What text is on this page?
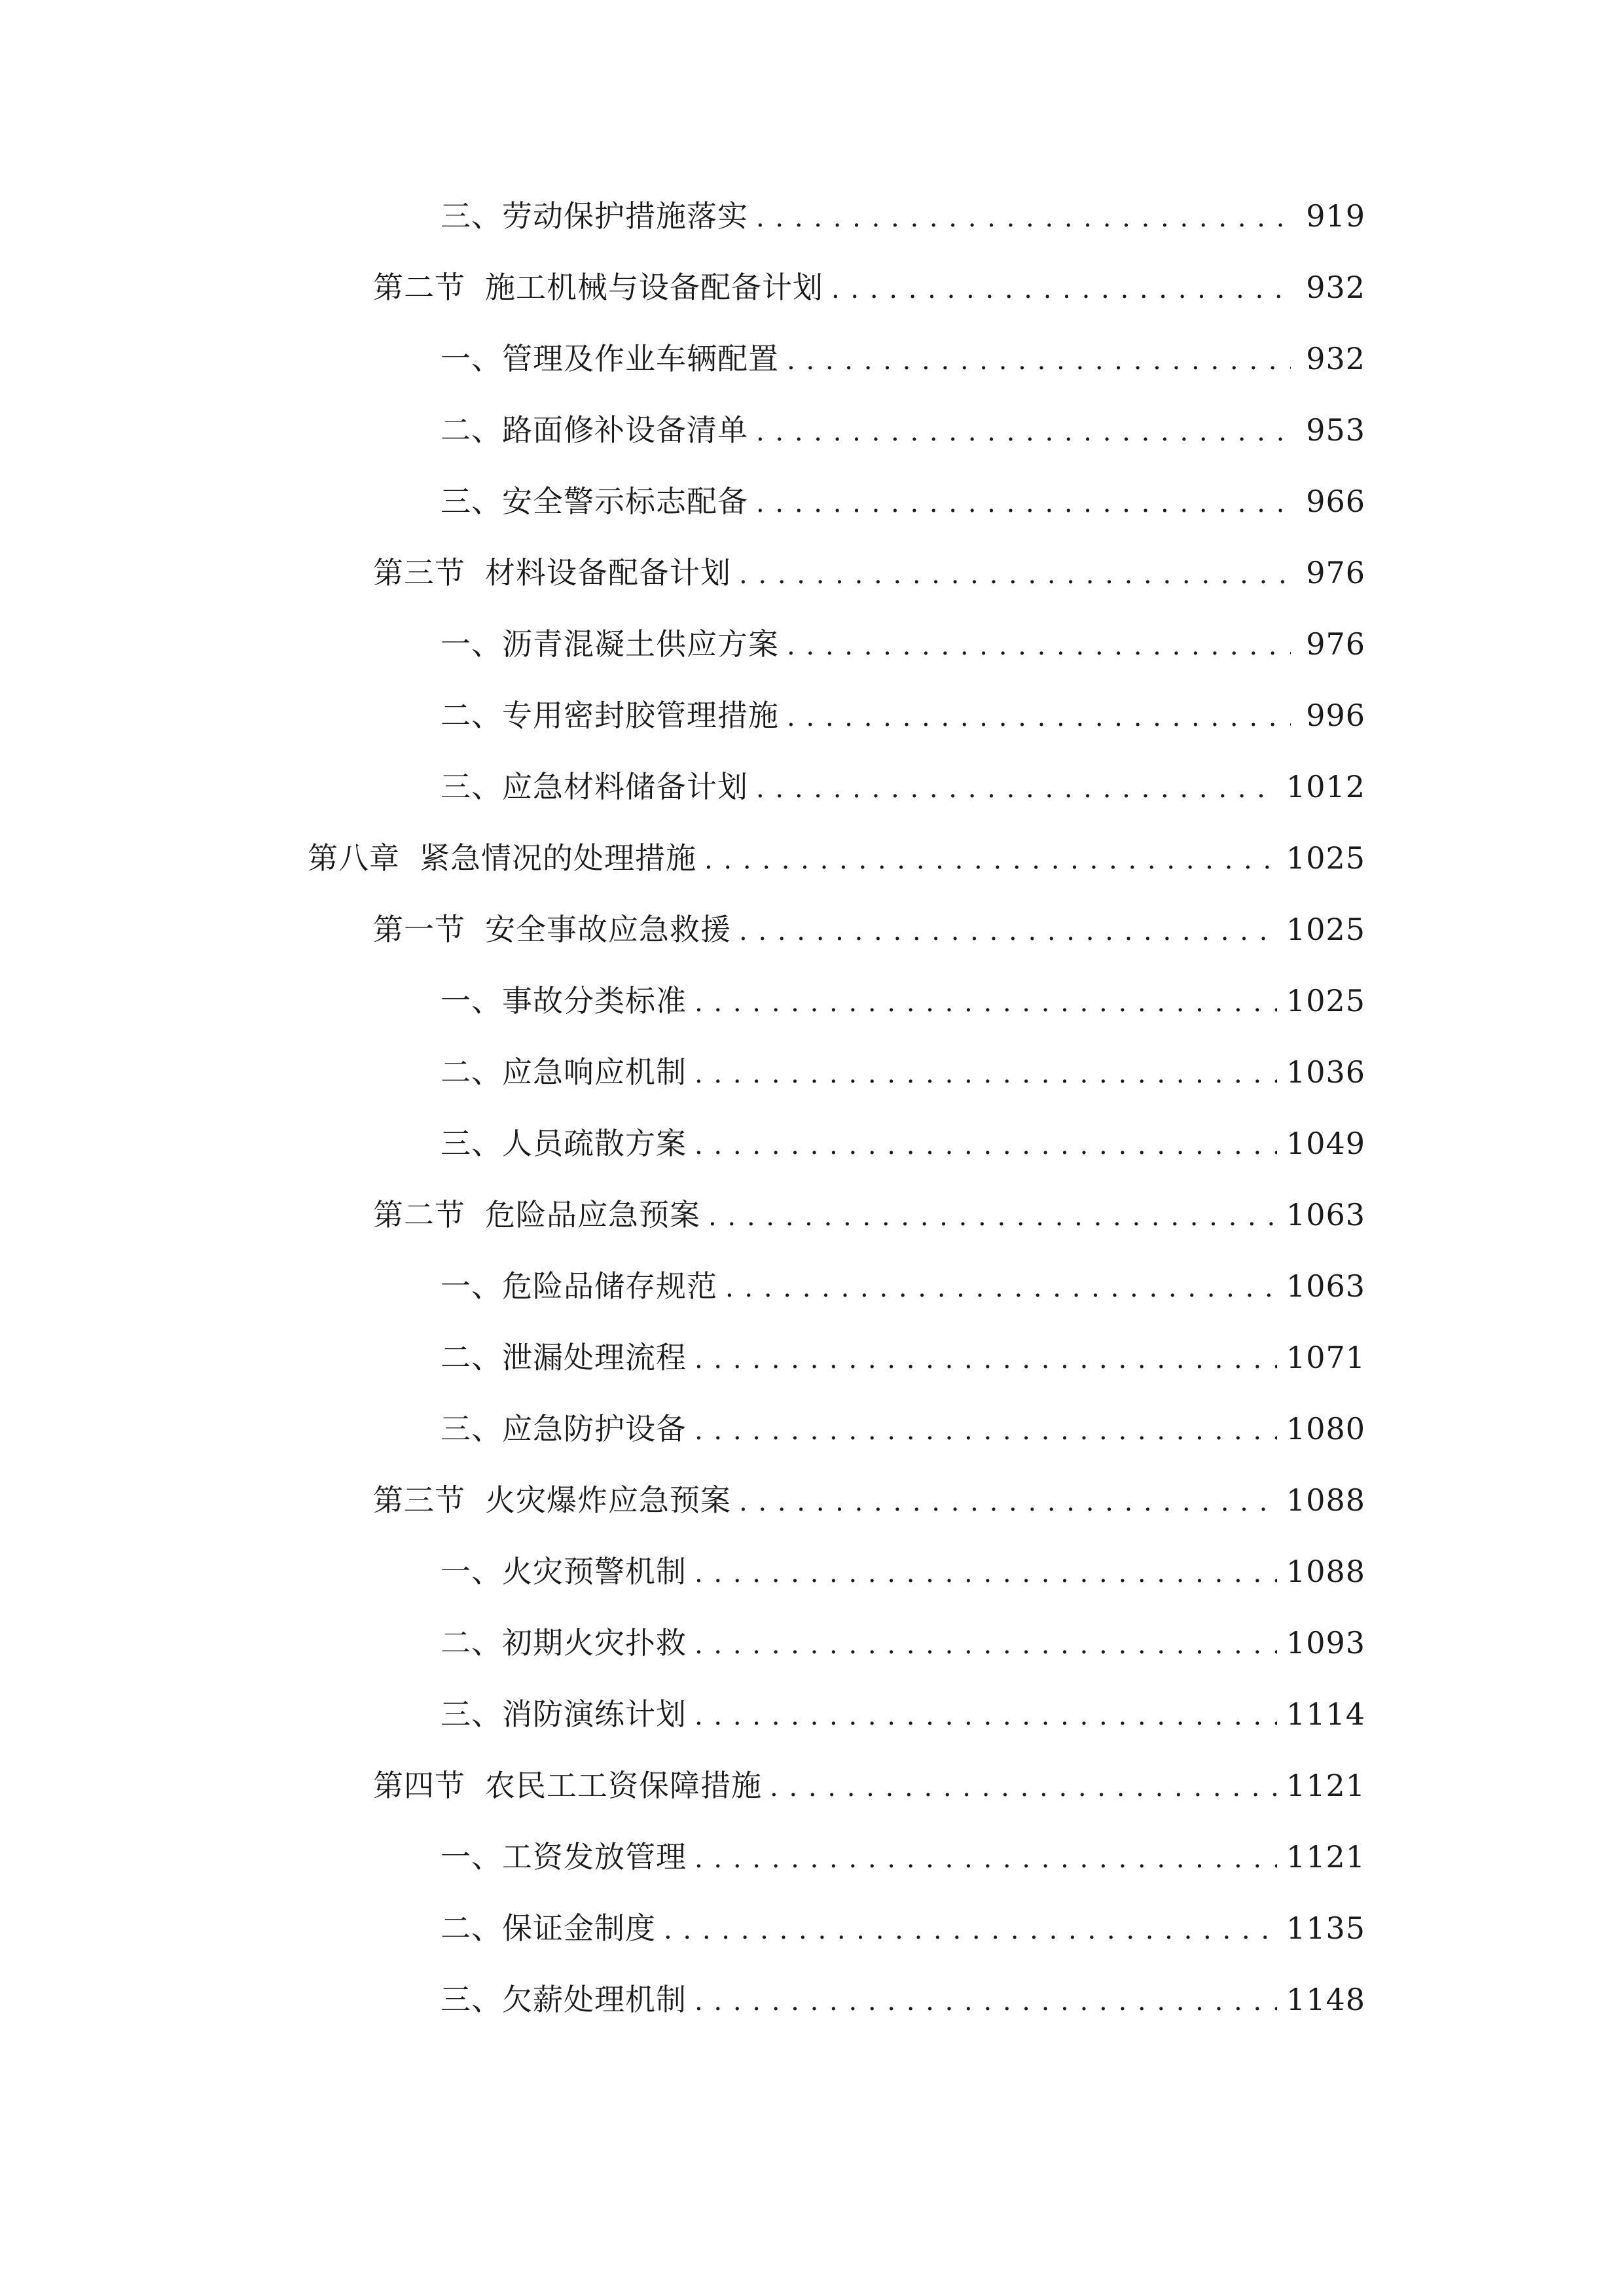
三、 劳动保护措施落实 . . .	919
第二节 施工机械与设备配备计划 . . .	932
一、 管理及作业车辆配置 . . .	932
二、 路面修补设备清单 . . .	953
三、 安全警示标志配备 . . .	966
第三节 材料设备配备计划 . . .	976
一、 沥青混凝土供应方案 . . .	976
二、 专用密封胶管理措施 . . .	996
三、 应急材料储备计划 . . .	1012
第八章 紧急情况的处理措施 . . .	1025
第一节 安全事故应急救援 . . .	1025
一、 事故分类标准 . . .	1025
二、 应急响应机制 . . .	1036
三、 人员疏散方案 . . .	1049
第二节 危险品应急预案 . . .	1063
一、 危险品储存规范 . . .	1063
二、 泄漏处理流程 . . .	1071
三、 应急防护设备 . . .	1080
第三节 火灾爆炸应急预案 . . .	1088
一、 火灾预警机制 . . .	1088
二、 初期火灾扑救 . . .	1093
三、 消防演练计划 . . .	1114
第四节 农民工工资保障措施 . . .	1121
一、 工资发放管理 . . .	1121
二、 保证金制度 . . .	1135
三、 欠薪处理机制 . . .	1148
